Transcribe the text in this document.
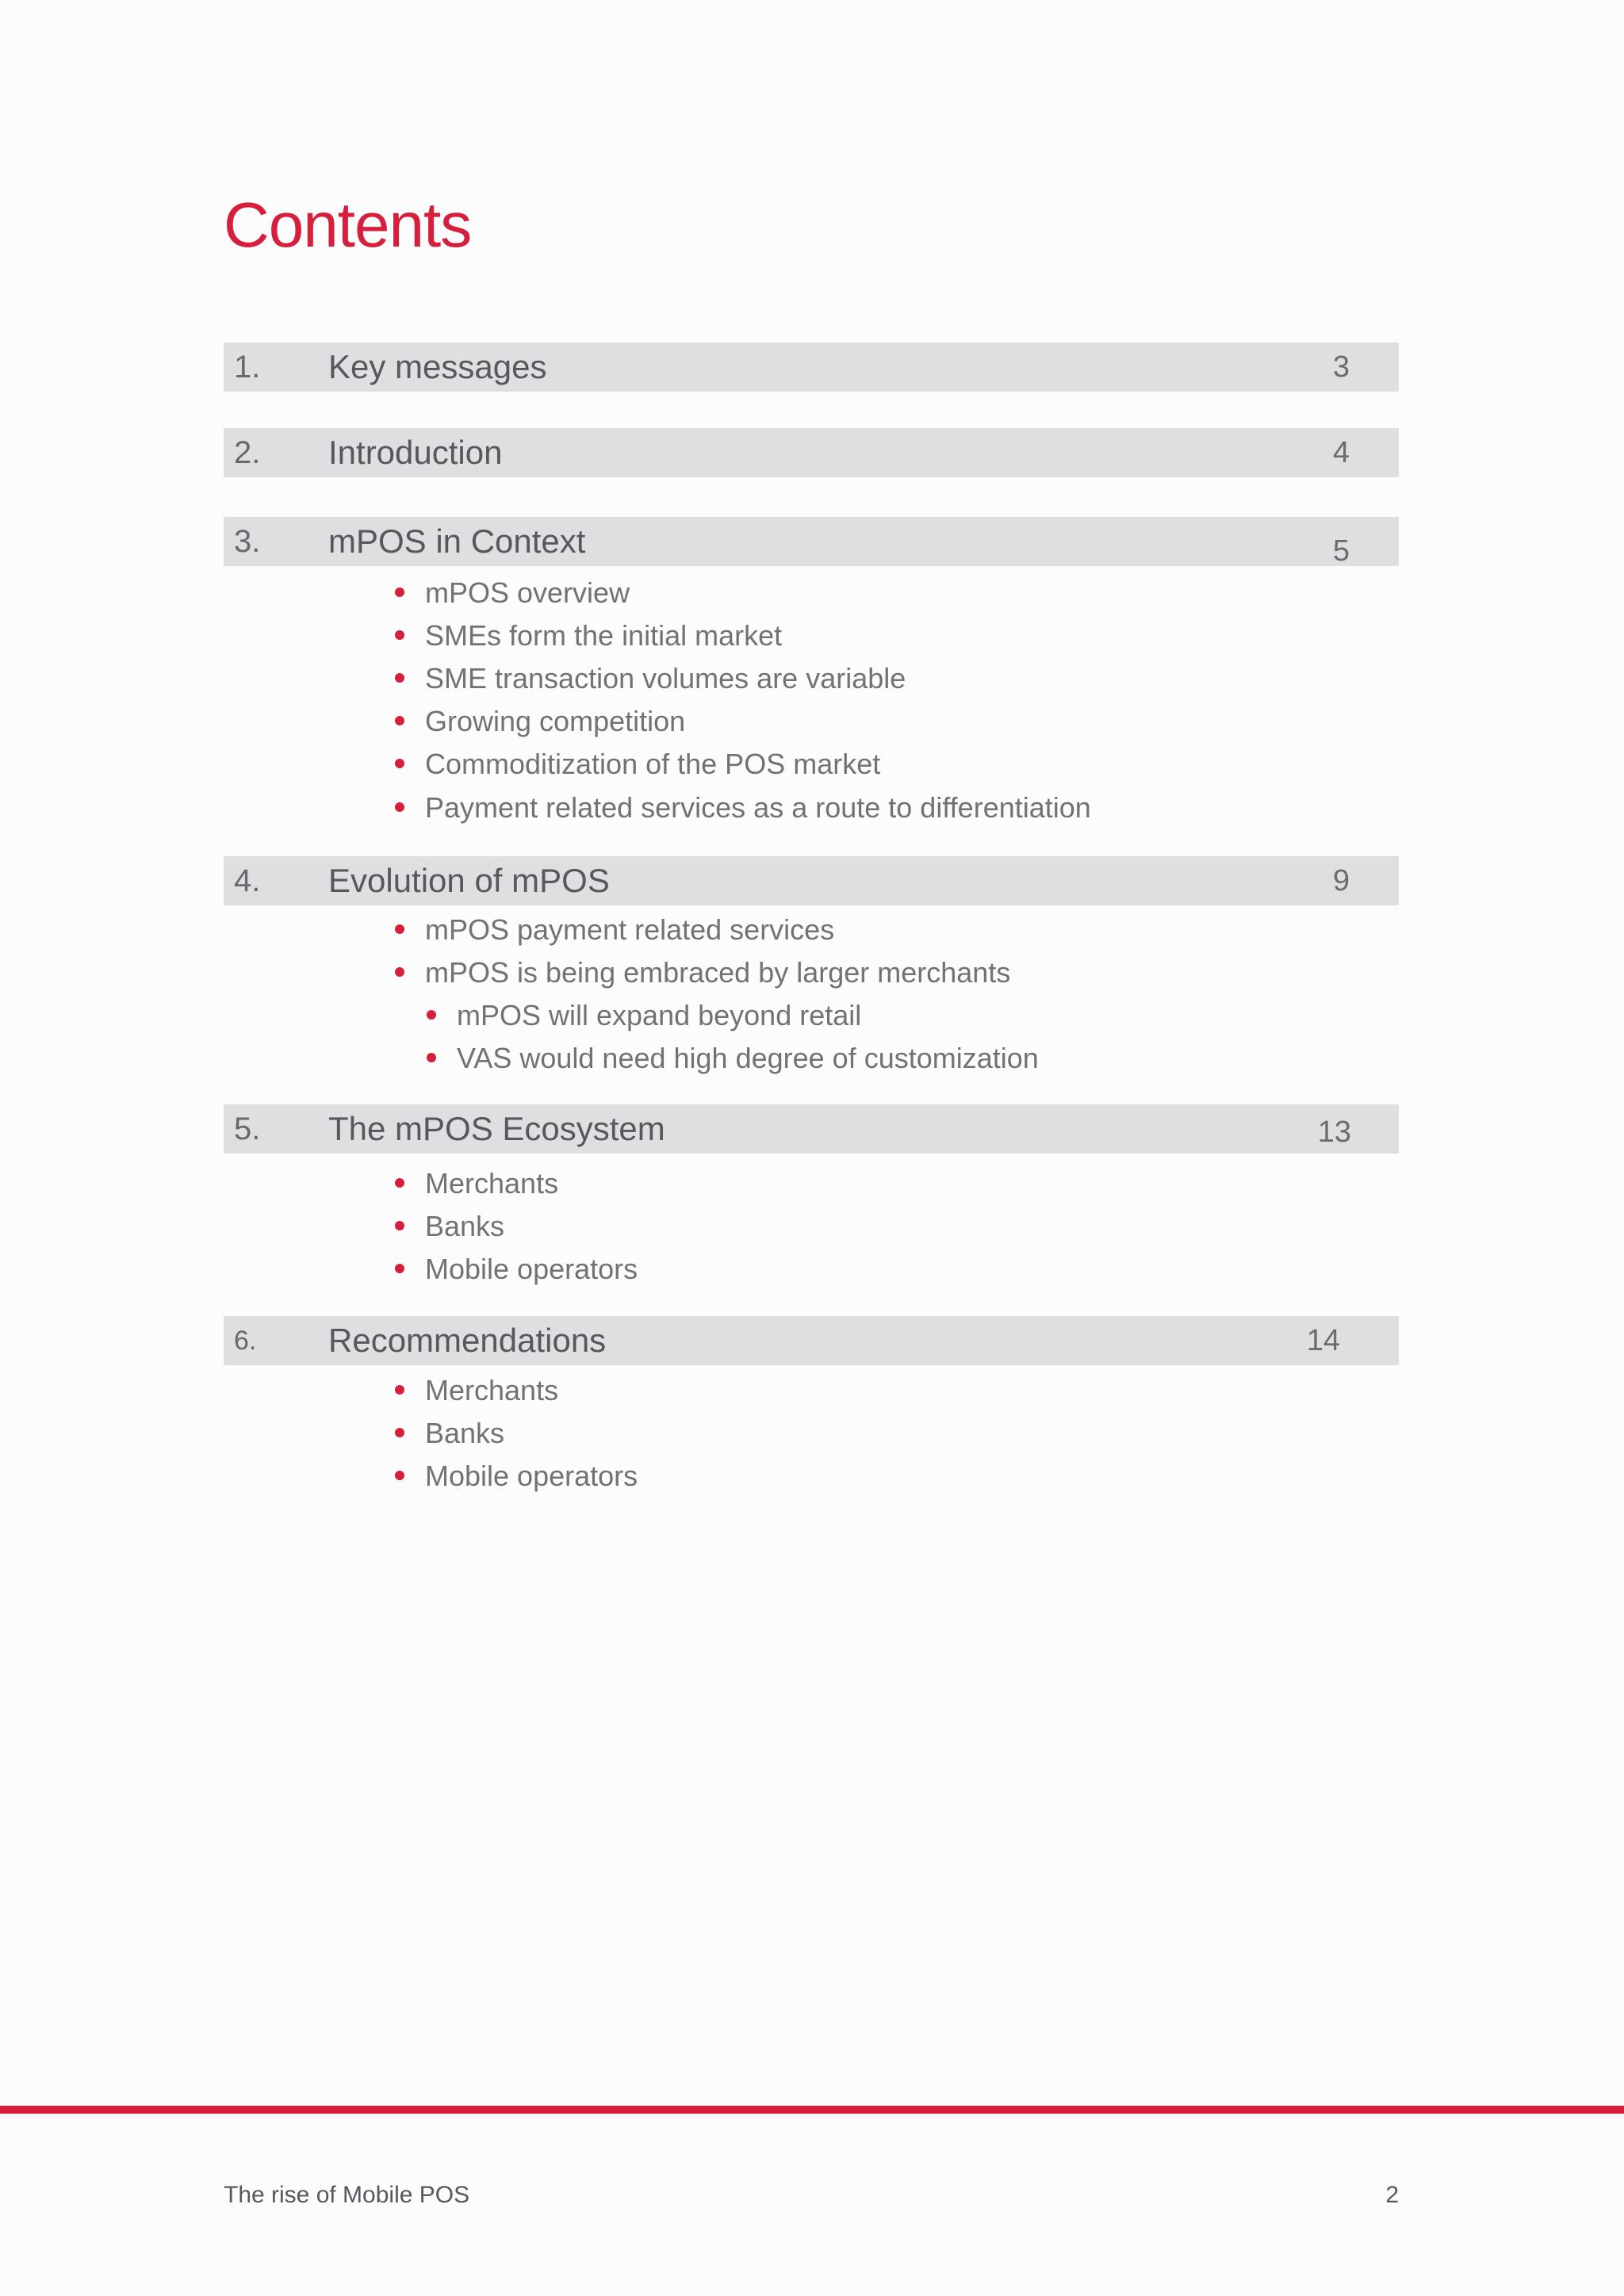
Contents
1. Key messages	3
2. Introduction	4
3. mPOS in Context	5
mPOS overview
SMEs form the initial market
SME transaction volumes are variable
Growing competition
Commoditization of the POS market
Payment related services as a route to differentiation
4. Evolution of mPOS	9
mPOS payment related services
mPOS is being embraced by larger merchants
mPOS will expand beyond retail
VAS would need high degree of customization
5. The mPOS Ecosystem	13
Merchants
Banks
Mobile operators
6. Recommendations	14
Merchants
Banks
Mobile operators
The rise of Mobile POS	2
